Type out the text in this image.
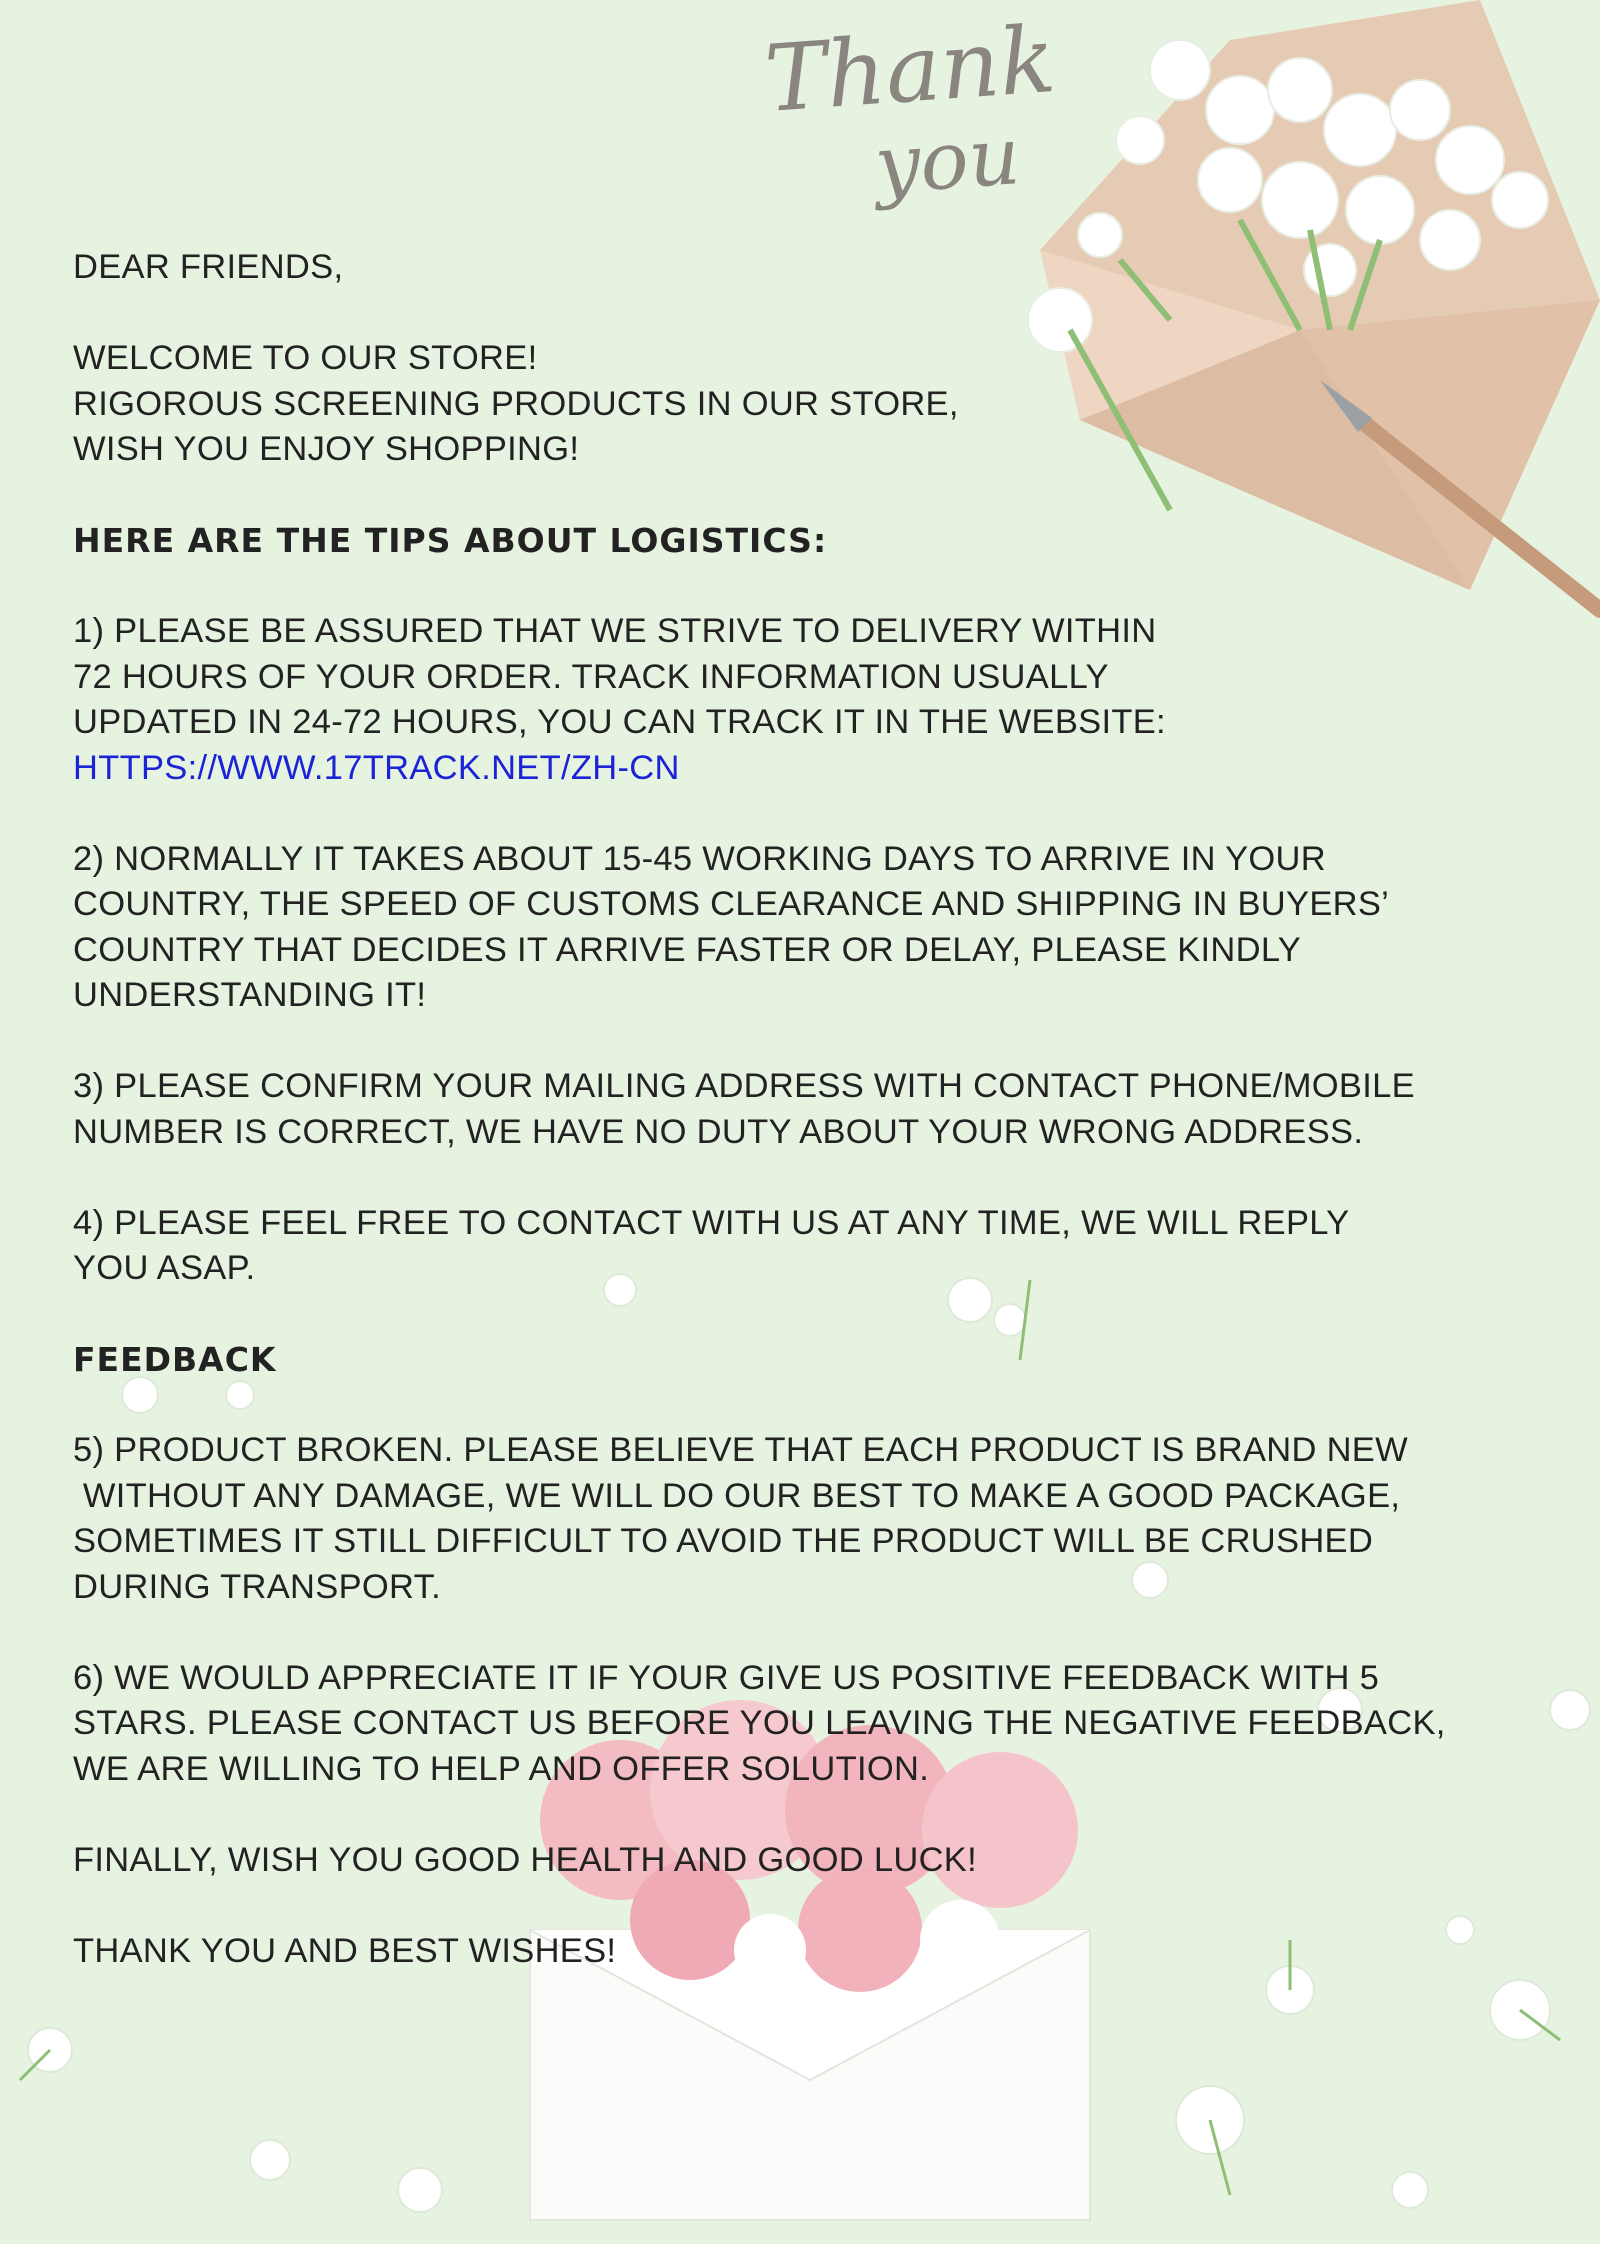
Thank
you
DEAR FRIENDS,
WELCOME TO OUR STORE!
RIGOROUS SCREENING PRODUCTS IN OUR STORE,
WISH YOU ENJOY SHOPPING!
HERE ARE THE TIPS ABOUT LOGISTICS:
1) PLEASE BE ASSURED THAT WE STRIVE TO DELIVERY WITHIN
72 HOURS OF YOUR ORDER. TRACK INFORMATION USUALLY
UPDATED IN 24-72 HOURS, YOU CAN TRACK IT IN THE WEBSITE:
HTTPS://WWW.17TRACK.NET/ZH-CN
2) NORMALLY IT TAKES ABOUT 15-45 WORKING DAYS TO ARRIVE IN YOUR
COUNTRY, THE SPEED OF CUSTOMS CLEARANCE AND SHIPPING IN BUYERS’
COUNTRY THAT DECIDES IT ARRIVE FASTER OR DELAY, PLEASE KINDLY
UNDERSTANDING IT!
3) PLEASE CONFIRM YOUR MAILING ADDRESS WITH CONTACT PHONE/MOBILE
NUMBER IS CORRECT, WE HAVE NO DUTY ABOUT YOUR WRONG ADDRESS.
4) PLEASE FEEL FREE TO CONTACT WITH US AT ANY TIME, WE WILL REPLY
YOU ASAP.
FEEDBACK
5) PRODUCT BROKEN. PLEASE BELIEVE THAT EACH PRODUCT IS BRAND NEW
WITHOUT ANY DAMAGE, WE WILL DO OUR BEST TO MAKE A GOOD PACKAGE,
SOMETIMES IT STILL DIFFICULT TO AVOID THE PRODUCT WILL BE CRUSHED
DURING TRANSPORT.
6) WE WOULD APPRECIATE IT IF YOUR GIVE US POSITIVE FEEDBACK WITH 5
STARS. PLEASE CONTACT US BEFORE YOU LEAVING THE NEGATIVE FEEDBACK,
WE ARE WILLING TO HELP AND OFFER SOLUTION.
FINALLY, WISH YOU GOOD HEALTH AND GOOD LUCK!
THANK YOU AND BEST WISHES!
